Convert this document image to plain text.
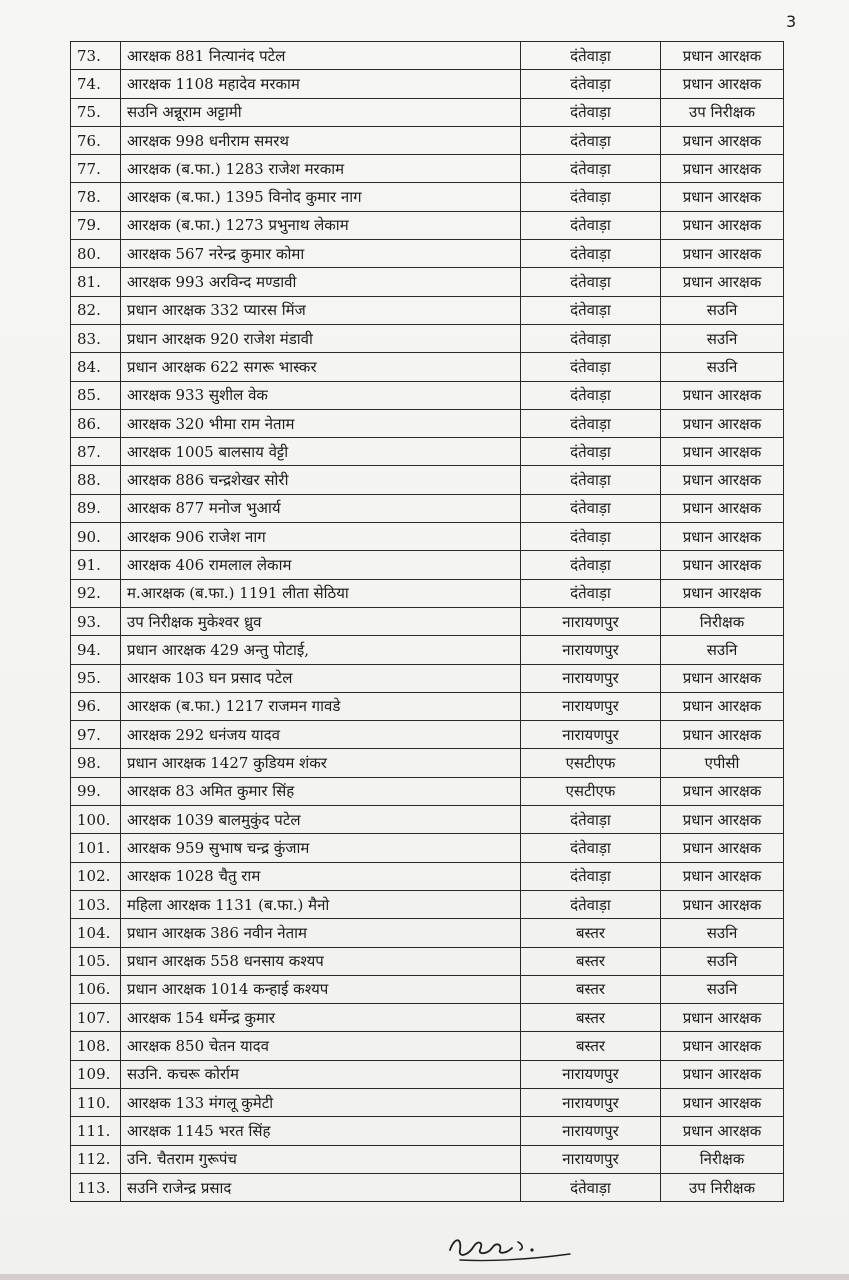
3
73.	आरक्षक 881 नित्यानंद पटेल	दंतेवाड़ा	प्रधान आरक्षक
74.	आरक्षक 1108 महादेव मरकाम	दंतेवाड़ा	प्रधान आरक्षक
75.	सउनि अन्नूराम अट्टामी	दंतेवाड़ा	उप निरीक्षक
76.	आरक्षक 998 धनीराम समरथ	दंतेवाड़ा	प्रधान आरक्षक
77.	आरक्षक (ब.फा.) 1283 राजेश मरकाम	दंतेवाड़ा	प्रधान आरक्षक
78.	आरक्षक (ब.फा.) 1395 विनोद कुमार नाग	दंतेवाड़ा	प्रधान आरक्षक
79.	आरक्षक (ब.फा.) 1273 प्रभुनाथ लेकाम	दंतेवाड़ा	प्रधान आरक्षक
80.	आरक्षक 567 नरेन्द्र कुमार कोमा	दंतेवाड़ा	प्रधान आरक्षक
81.	आरक्षक 993 अरविन्द मण्डावी	दंतेवाड़ा	प्रधान आरक्षक
82.	प्रधान आरक्षक 332 प्यारस मिंज	दंतेवाड़ा	सउनि
83.	प्रधान आरक्षक 920 राजेश मंडावी	दंतेवाड़ा	सउनि
84.	प्रधान आरक्षक 622 सगरू भास्कर	दंतेवाड़ा	सउनि
85.	आरक्षक 933 सुशील वेक	दंतेवाड़ा	प्रधान आरक्षक
86.	आरक्षक 320 भीमा राम नेताम	दंतेवाड़ा	प्रधान आरक्षक
87.	आरक्षक 1005 बालसाय वेट्टी	दंतेवाड़ा	प्रधान आरक्षक
88.	आरक्षक 886 चन्द्रशेखर सोरी	दंतेवाड़ा	प्रधान आरक्षक
89.	आरक्षक 877 मनोज भुआर्य	दंतेवाड़ा	प्रधान आरक्षक
90.	आरक्षक 906 राजेश नाग	दंतेवाड़ा	प्रधान आरक्षक
91.	आरक्षक 406 रामलाल लेकाम	दंतेवाड़ा	प्रधान आरक्षक
92.	म.आरक्षक (ब.फा.) 1191 लीता सेठिया	दंतेवाड़ा	प्रधान आरक्षक
93.	उप निरीक्षक मुकेश्वर ध्रुव	नारायणपुर	निरीक्षक
94.	प्रधान आरक्षक 429 अन्तु पोटाई,	नारायणपुर	सउनि
95.	आरक्षक 103 घन प्रसाद पटेल	नारायणपुर	प्रधान आरक्षक
96.	आरक्षक (ब.फा.) 1217 राजमन गावडे	नारायणपुर	प्रधान आरक्षक
97.	आरक्षक 292 धनंजय यादव	नारायणपुर	प्रधान आरक्षक
98.	प्रधान आरक्षक 1427 कुडियम शंकर	एसटीएफ	एपीसी
99.	आरक्षक 83 अमित कुमार सिंह	एसटीएफ	प्रधान आरक्षक
100.	आरक्षक 1039 बालमुकुंद पटेल	दंतेवाड़ा	प्रधान आरक्षक
101.	आरक्षक 959 सुभाष चन्द्र कुंजाम	दंतेवाड़ा	प्रधान आरक्षक
102.	आरक्षक 1028 चैतु राम	दंतेवाड़ा	प्रधान आरक्षक
103.	महिला आरक्षक 1131 (ब.फा.) मैनो	दंतेवाड़ा	प्रधान आरक्षक
104.	प्रधान आरक्षक 386 नवीन नेताम	बस्तर	सउनि
105.	प्रधान आरक्षक 558 धनसाय कश्यप	बस्तर	सउनि
106.	प्रधान आरक्षक 1014 कन्हाई कश्यप	बस्तर	सउनि
107.	आरक्षक 154 धर्मेन्द्र कुमार	बस्तर	प्रधान आरक्षक
108.	आरक्षक 850 चेतन यादव	बस्तर	प्रधान आरक्षक
109.	सउनि. कचरू कोर्राम	नारायणपुर	प्रधान आरक्षक
110.	आरक्षक 133 मंगलू कुमेटी	नारायणपुर	प्रधान आरक्षक
111.	आरक्षक 1145 भरत सिंह	नारायणपुर	प्रधान आरक्षक
112.	उनि. चैतराम गुरूपंच	नारायणपुर	निरीक्षक
113.	सउनि राजेन्द्र प्रसाद	दंतेवाड़ा	उप निरीक्षक
